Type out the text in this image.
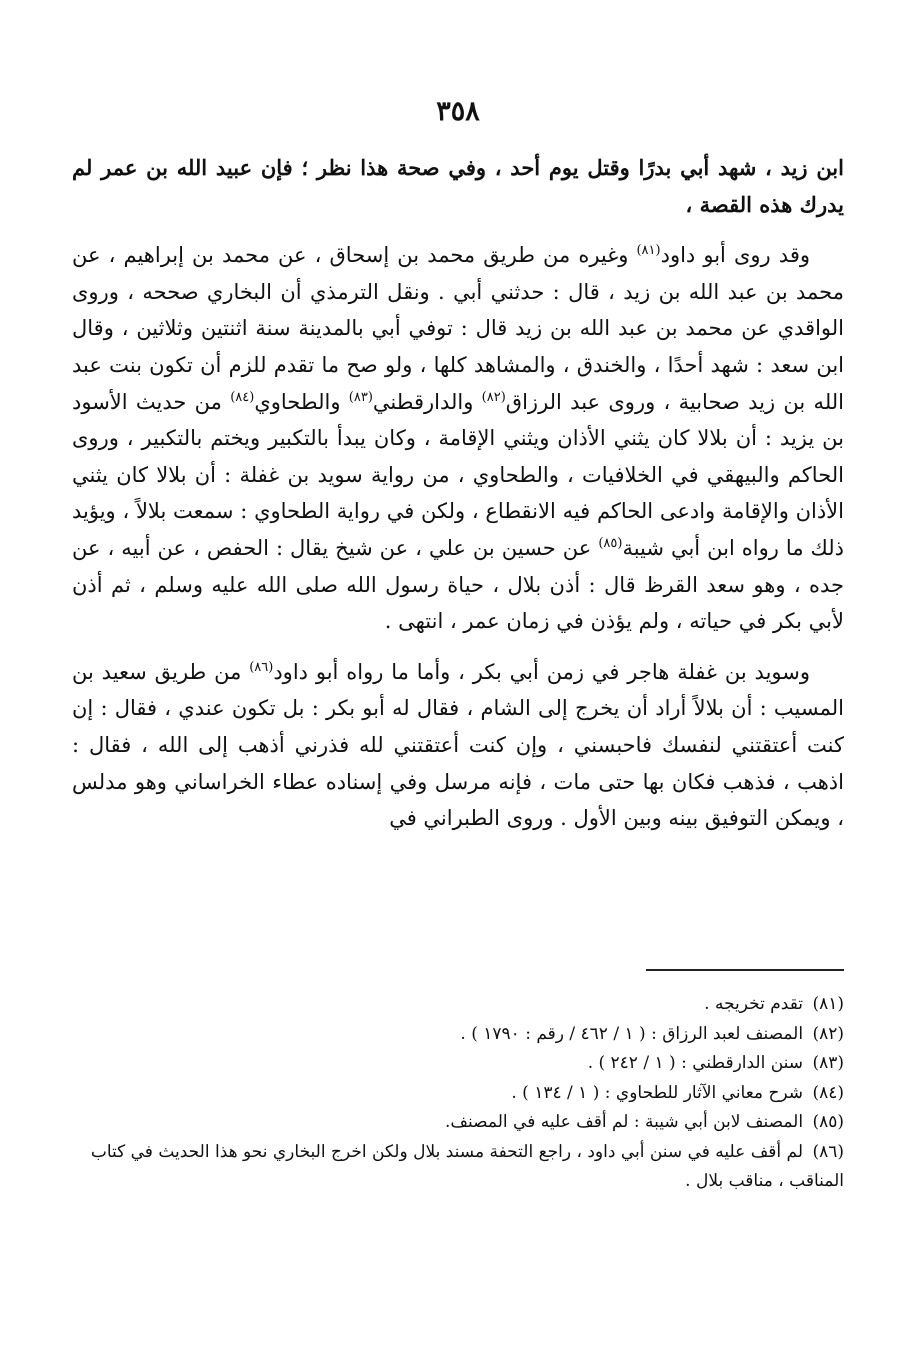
٣٥٨

ابن زيد ، شهد أبي بدرًا وقتل يوم أحد ، وفي صحة هذا نظر ؛ فإن عبيد الله بن عمر لم يدرك هذه القصة ،

وقد روى أبو داود$^{(٨١)}$ وغيره من طريق محمد بن إسحاق ، عن محمد بن إبراهيم ، عن محمد بن عبد الله بن زيد ، قال : حدثني أبي . ونقل الترمذي أن البخاري صححه ، وروى الواقدي عن محمد بن عبد الله بن زيد قال : توفي أبي بالمدينة سنة اثنتين وثلاثين ، وقال ابن سعد : شهد أحدًا ، والخندق ، والمشاهد كلها ، ولو صح ما تقدم للزم أن تكون بنت عبد الله بن زيد صحابية ، وروى عبد الرزاق$^{(٨٢)}$ والدارقطني$^{(٨٣)}$ والطحاوي$^{(٨٤)}$ من حديث الأسود بن يزيد : أن بلالا كان يثني الأذان ويثني الإقامة ، وكان يبدأ بالتكبير ويختم بالتكبير ، وروى الحاكم والبيهقي في الخلافيات ، والطحاوي ، من رواية سويد بن غفلة : أن بلالا كان يثني الأذان والإقامة وادعى الحاكم فيه الانقطاع ، ولكن في رواية الطحاوي : سمعت بلالاً ، ويؤيد ذلك ما رواه ابن أبي شيبة$^{(٨٥)}$ عن حسين بن علي ، عن شيخ يقال : الحفص ، عن أبيه ، عن جده ، وهو سعد القرظ قال : أذن بلال ، حياة رسول الله صلى الله عليه وسلم ، ثم أذن لأبي بكر في حياته ، ولم يؤذن في زمان عمر ، انتهى .

وسويد بن غفلة هاجر في زمن أبي بكر ، وأما ما رواه أبو داود$^{(٨٦)}$ من طريق سعيد بن المسيب : أن بلالاً أراد أن يخرج إلى الشام ، فقال له أبو بكر : بل تكون عندي ، فقال : إن كنت أعتقتني لنفسك فاحبسني ، وإن كنت أعتقتني لله فذرني أذهب إلى الله ، فقال : اذهب ، فذهب فكان بها حتى مات ، فإنه مرسل وفي إسناده عطاء الخراساني وهو مدلس ، ويمكن التوفيق بينه وبين الأول . وروى الطبراني في

(٨١) تقدم تخريجه .

(٨٢) المصنف لعبد الرزاق : ( ١ / ٤٦٢ / رقم : ١٧٩٠ ) .

(٨٣) سنن الدارقطني : ( ١ / ٢٤٢ ) .

(٨٤) شرح معاني الآثار للطحاوي : ( ١ / ١٣٤ ) .

(٨٥) المصنف لابن أبي شيبة : لم أقف عليه في المصنف.

(٨٦) لم أقف عليه في سنن أبي داود ، راجع التحفة مسند بلال ولكن اخرج البخاري نحو هذا الحديث في كتاب المناقب ، مناقب بلال .
